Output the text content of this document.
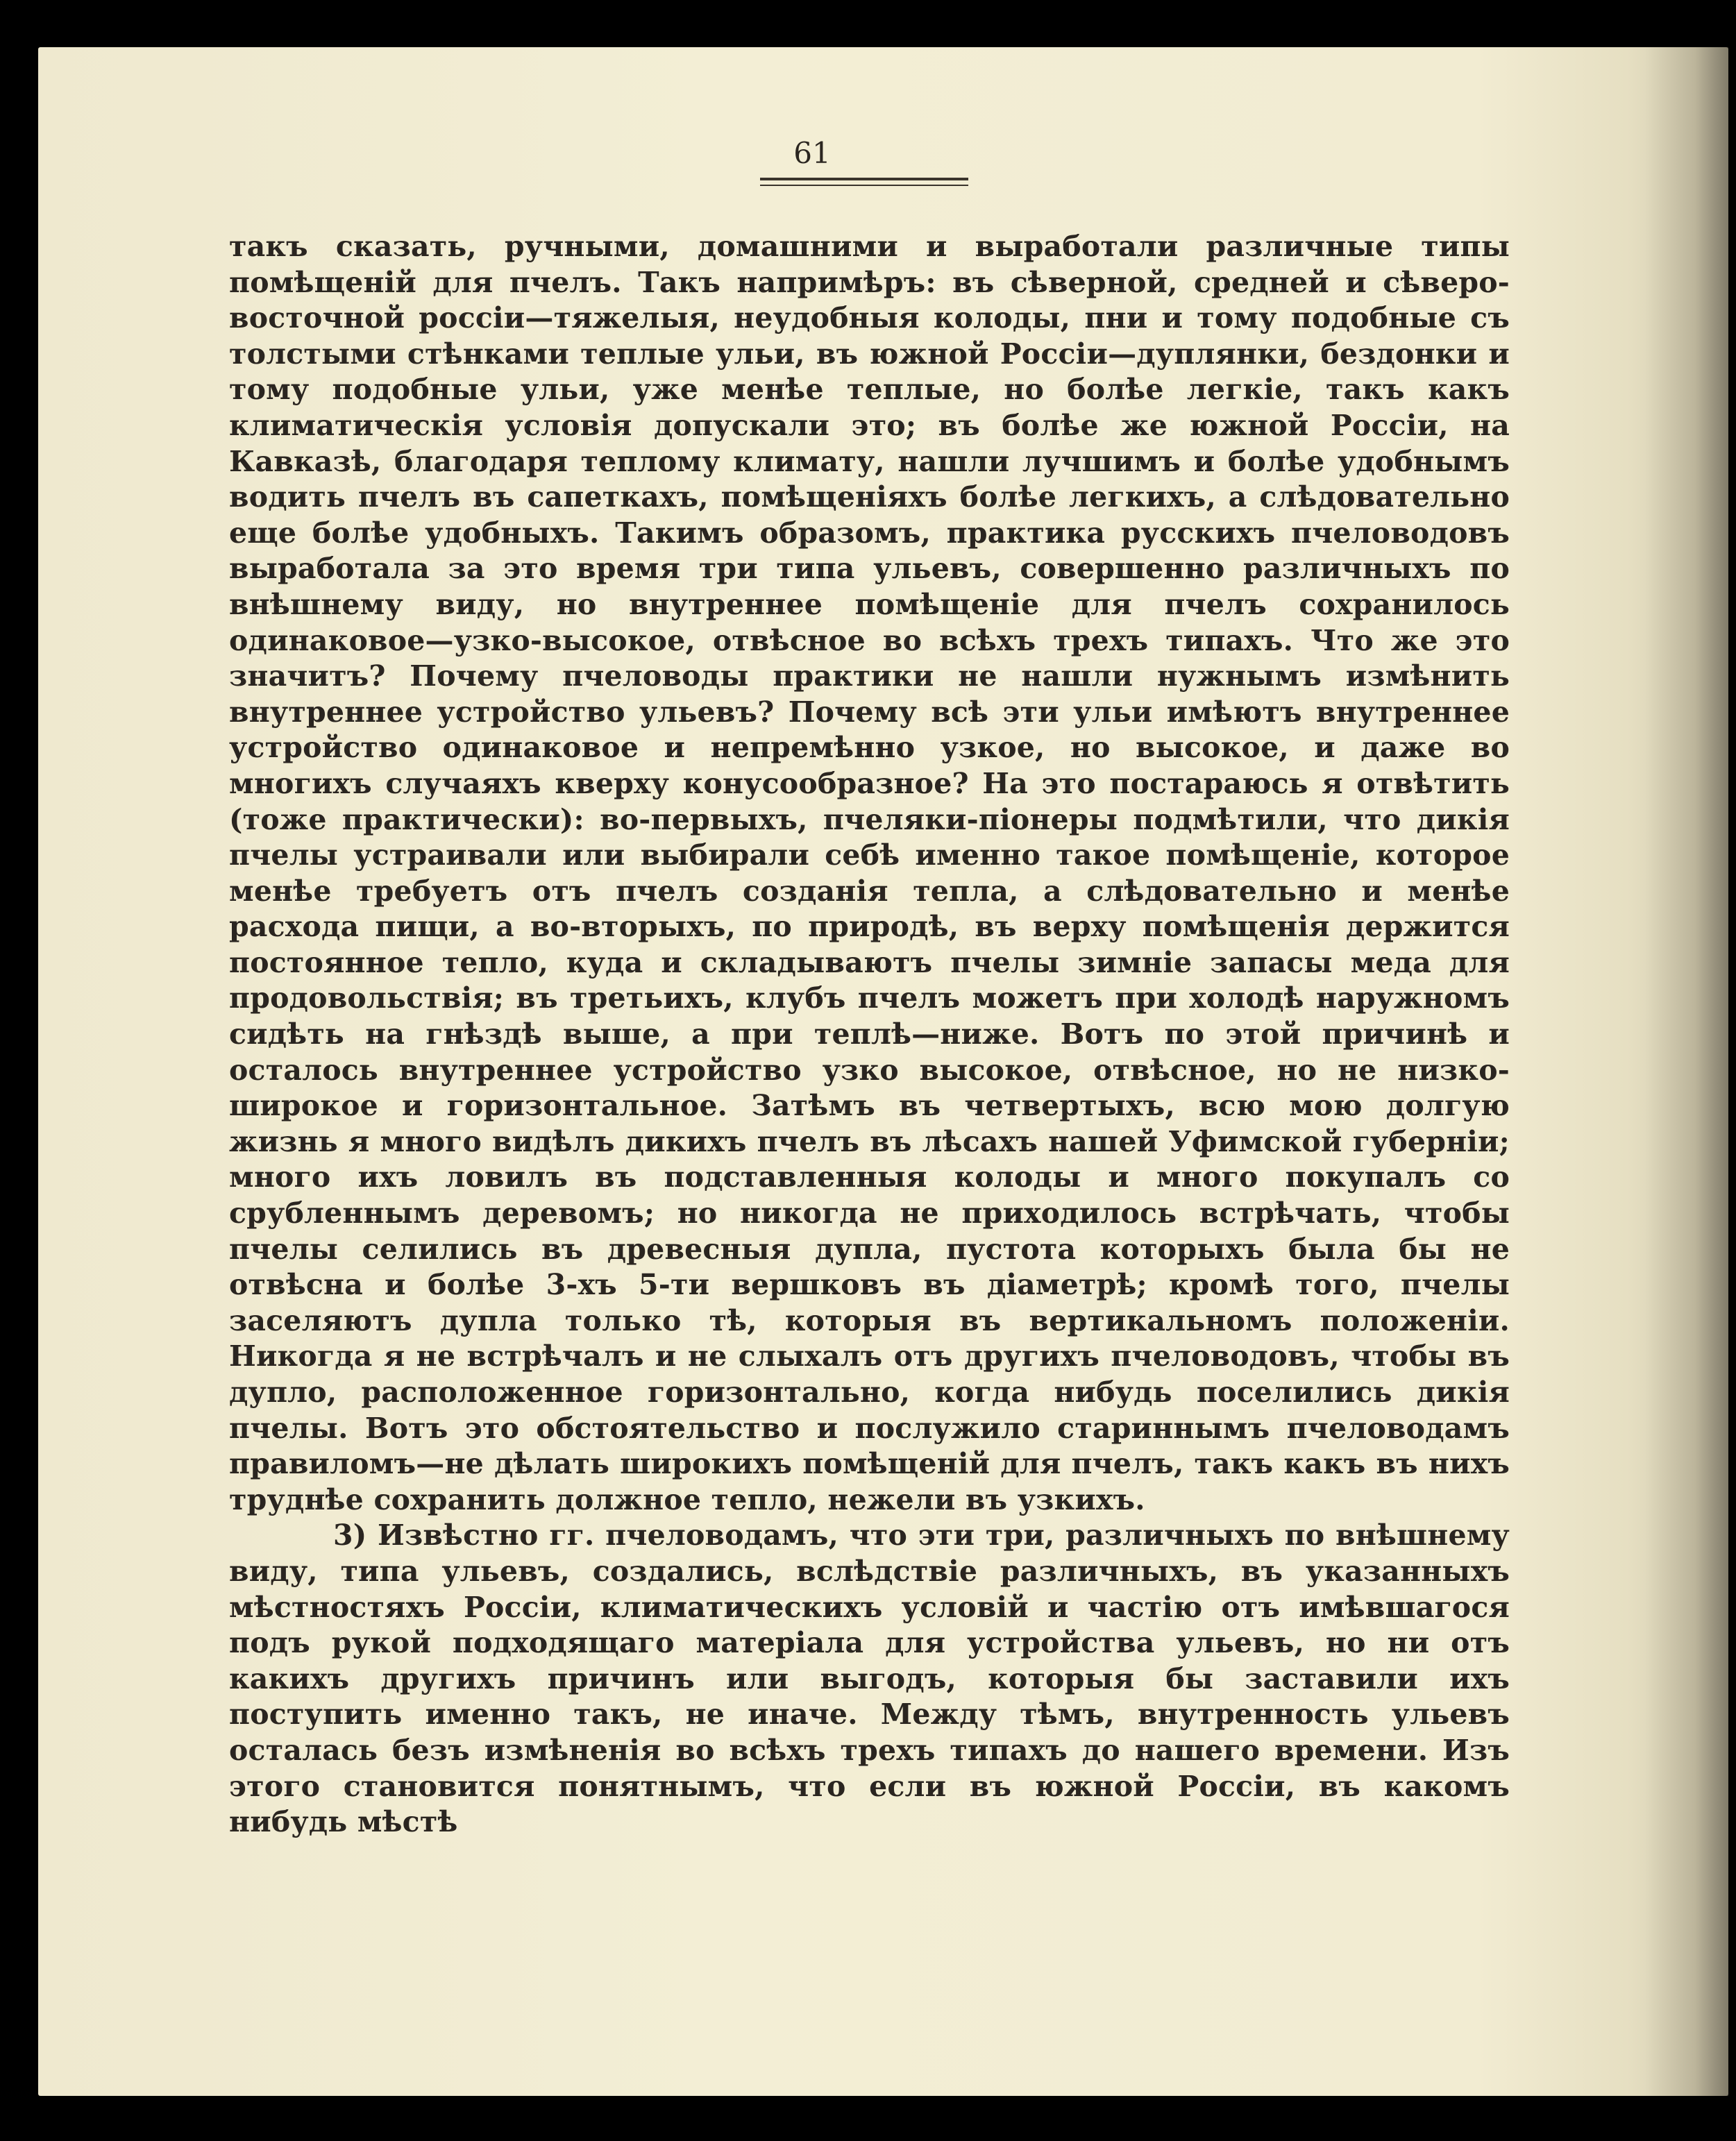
61

такъ сказать, ручными, домашними и выработали различные типы помѣщеній для пчелъ. Такъ напримѣръ: въ сѣверной, средней и сѣверо-восточной россіи—тяжелыя, неудобныя колоды, пни и тому подобные съ толстыми стѣнками теплые ульи, въ южной Россіи—дуплянки, бездонки и тому подобные ульи, уже менѣе теплые, но болѣе легкіе, такъ какъ климатическія условія допускали это; въ болѣе же южной Россіи, на Кавказѣ, благодаря теплому климату, нашли лучшимъ и болѣе удобнымъ водить пчелъ въ сапеткахъ, помѣщеніяхъ болѣе легкихъ, а слѣдовательно еще болѣе удобныхъ. Такимъ образомъ, практика русскихъ пчеловодовъ выработала за это время три типа ульевъ, совершенно различныхъ по внѣшнему виду, но внутреннее помѣщеніе для пчелъ сохранилось одинаковое—узко-высокое, отвѣсное во всѣхъ трехъ типахъ. Что же это значитъ? Почему пчеловоды практики не нашли нужнымъ измѣнить внутреннее устройство ульевъ? Почему всѣ эти ульи имѣютъ внутреннее устройство одинаковое и непремѣнно узкое, но высокое, и даже во многихъ случаяхъ кверху конусообразное? На это постараюсь я отвѣтить (тоже практически): во-первыхъ, пчеляки-піонеры подмѣтили, что дикія пчелы устраивали или выбирали себѣ именно такое помѣщеніе, которое менѣе требуетъ отъ пчелъ созданія тепла, а слѣдовательно и менѣе расхода пищи, а во-вторыхъ, по природѣ, въ верху помѣщенія держится постоянное тепло, куда и складываютъ пчелы зимніе запасы меда для продовольствія; въ третьихъ, клубъ пчелъ можетъ при холодѣ наружномъ сидѣть на гнѣздѣ выше, а при теплѣ—ниже. Вотъ по этой причинѣ и осталось внутреннее устройство узко высокое, отвѣсное, но не низко-широкое и горизонтальное. Затѣмъ въ четвертыхъ, всю мою долгую жизнь я много видѣлъ дикихъ пчелъ въ лѣсахъ нашей Уфимской губерніи; много ихъ ловилъ въ подставленныя колоды и много покупалъ со срубленнымъ деревомъ; но никогда не приходилось встрѣчать, чтобы пчелы селились въ древесныя дупла, пустота которыхъ была бы не отвѣсна и болѣе 3-хъ 5-ти вершковъ въ діаметрѣ; кромѣ того, пчелы заселяютъ дупла только тѣ, которыя въ вертикальномъ положеніи. Никогда я не встрѣчалъ и не слыхалъ отъ другихъ пчеловодовъ, чтобы въ дупло, расположенное горизонтально, когда нибудь поселились дикія пчелы. Вотъ это обстоятельство и послужило стариннымъ пчеловодамъ правиломъ—не дѣлать широкихъ помѣщеній для пчелъ, такъ какъ въ нихъ труднѣе сохранить должное тепло, нежели въ узкихъ.

3) Извѣстно гг. пчеловодамъ, что эти три, различныхъ по внѣшнему виду, типа ульевъ, создались, вслѣдствіе различныхъ, въ указанныхъ мѣстностяхъ Россіи, климатическихъ условій и частію отъ имѣвшагося подъ рукой подходящаго матеріала для устройства ульевъ, но ни отъ какихъ другихъ причинъ или выгодъ, которыя бы заставили ихъ поступить именно такъ, не иначе. Между тѣмъ, внутренность ульевъ осталась безъ измѣненія во всѣхъ трехъ типахъ до нашего времени. Изъ этого становится понятнымъ, что если въ южной Россіи, въ какомъ нибудь мѣстѣ
